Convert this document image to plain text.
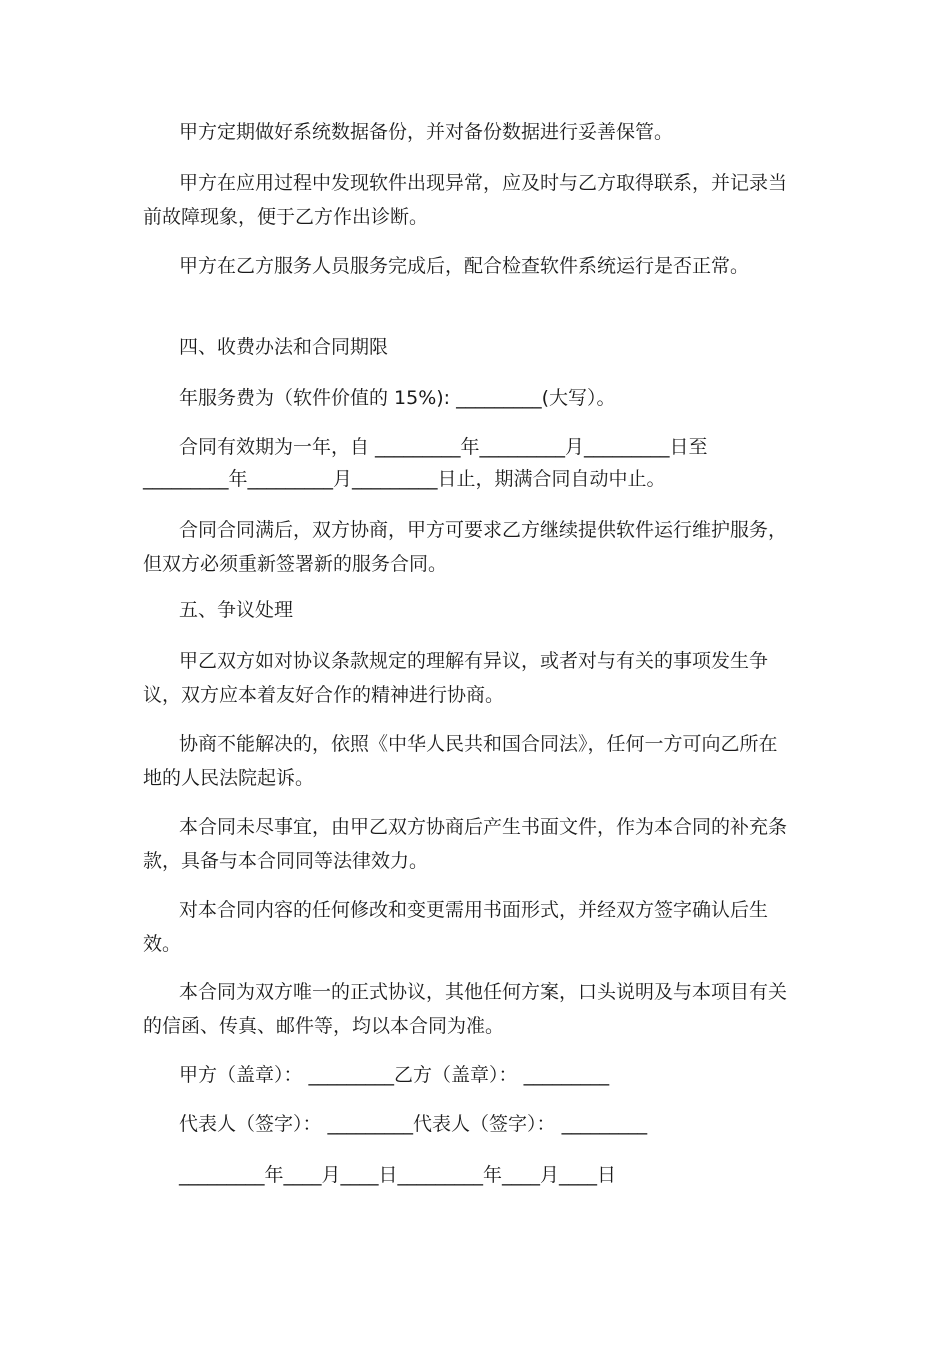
甲方定期做好系统数据备份，并对备份数据进行妥善保管。

甲方在应用过程中发现软件出现异常，应及时与乙方取得联系，并记录当前故障现象，便于乙方作出诊断。

甲方在乙方服务人员服务完成后，配合检查软件系统运行是否正常。

四、收费办法和合同期限

年服务费为（软件价值的 15%): _________(大写）。

合同有效期为一年，自 _________年_________月_________日至

_________年_________月_________日止，期满合同自动中止。

合同合同满后，双方协商，甲方可要求乙方继续提供软件运行维护服务，但双方必须重新签署新的服务合同。

五、争议处理

甲乙双方如对协议条款规定的理解有异议，或者对与有关的事项发生争议，双方应本着友好合作的精神进行协商。

协商不能解决的，依照《中华人民共和国合同法》，任何一方可向乙所在地的人民法院起诉。

本合同未尽事宜，由甲乙双方协商后产生书面文件，作为本合同的补充条款，具备与本合同同等法律效力。

对本合同内容的任何修改和变更需用书面形式，并经双方签字确认后生效。

本合同为双方唯一的正式协议，其他任何方案，口头说明及与本项目有关的信函、传真、邮件等，均以本合同为准。

甲方（盖章）： _________乙方（盖章）： _________

代表人（签字）： _________代表人（签字）： _________

_________年____月____日_________年____月____日
